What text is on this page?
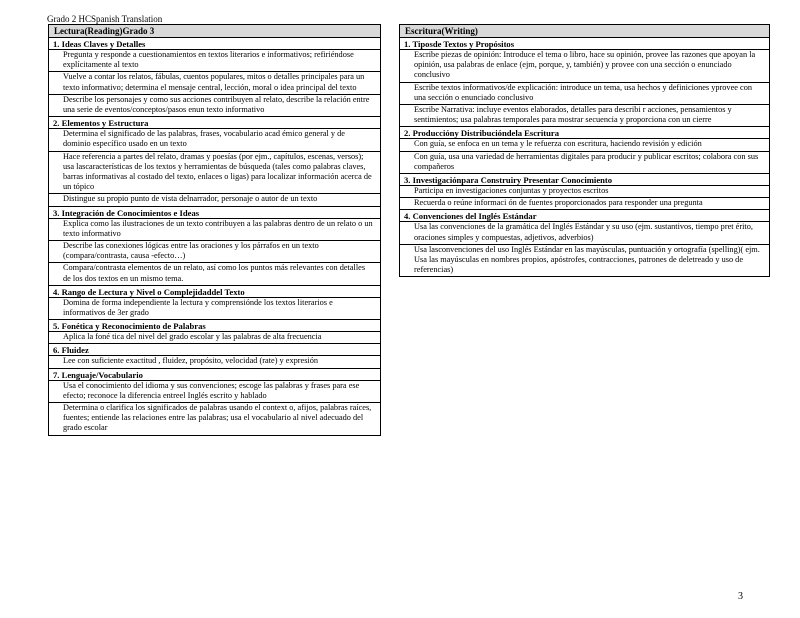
Grado 2 HCSpanish Translation
Lectura(Reading)Grado 3
1. Ideas Claves y Detalles
Pregunta y responde a cuestionamientos en textos literarios e informativos; refiriéndose explícitamente al texto
Vuelve a contar los relatos, fábulas, cuentos populares, mitos o detalles principales para un texto informativo; determina el mensaje central, lección, moral o idea principal del texto
Describe los personajes y como sus acciones contribuyen al relato, describe la relación entre una serie de eventos/conceptos/pasos enun texto informativo
2. Elementos y Estructura
Determina el significado de las palabras, frases, vocabulario acad émico general y de dominio específico usado en un texto
Hace referencia a partes del relato, dramas y poesías (por ejm., capítulos, escenas, versos); usa lascaracterísticas de los textos y herramientas de búsqueda (tales como palabras claves, barras informativas al costado del texto, enlaces o ligas) para localizar información acerca de un tópico
Distingue su propio punto de vista delnarrador, personaje o autor de un texto
3. Integración de Conocimientos e Ideas
Explica como las ilustraciones de un texto contribuyen a las palabras dentro de un relato o un texto informativo
Describe las conexiones lógicas entre las oraciones y los párrafos en un texto (compara/contrasta, causa -efecto…)
Compara/contrasta elementos de un relato, así como los puntos más relevantes con detalles de los dos textos en un mismo tema.
4. Rango de Lectura y Nivel o Complejidaddel Texto
Domina de forma independiente la lectura y comprensiónde los textos literarios e informativos de 3er grado
5. Fonética y Reconocimiento de Palabras
Aplica la foné tica del nivel del grado escolar y las palabras de alta frecuencia
6. Fluidez
Lee con suficiente exactitud , fluidez, propósito, velocidad (rate) y expresión
7. Lenguaje/Vocabulario
Usa el conocimiento del idioma y sus convenciones; escoge las palabras y frases para ese efecto; reconoce la diferencia entreel Inglés escrito y hablado
Determina o clarifica los significados de palabras usando el context o, afijos, palabras raíces, fuentes; entiende las relaciones entre las palabras; usa el vocabulario al nivel adecuado del grado escolar
Escritura(Writing)
1. Tiposde Textos y Propósitos
Escribe piezas de opinión: Introduce el tema o libro, hace su opinión, provee las razones que apoyan la opinión, usa palabras de enlace (ejm, porque, y, también) y provee con una sección o enunciado conclusivo
Escribe textos informativos/de explicación: introduce un tema, usa hechos y definiciones yprovee con una sección o enunciado conclusivo
Escribe Narrativa: incluye eventos elaborados, detalles para describi r acciones, pensamientos y sentimientos; usa palabras temporales para mostrar secuencia y proporciona con un cierre
2. Produccióny Distribucióndela Escritura
Con guía, se enfoca en un tema y le refuerza con escritura, haciendo revisión y edición
Con guía, usa una variedad de herramientas digitales para producir y publicar escritos; colabora con sus compañeros
3. Investigaciónpara Construiry Presentar Conocimiento
Participa en investigaciones conjuntas y proyectos escritos
Recuerda o reúne informaci ón de fuentes proporcionados para responder una pregunta
4. Convenciones del Inglés Estándar
Usa las convenciones de la gramática del Inglés Estándar y su uso (ejm. sustantivos, tiempo pret érito, oraciones simples y compuestas, adjetivos, adverbios)
Usa lasconvenciones del uso Inglés Estándar en las mayúsculas, puntuación y ortografía (spelling)( ejm. Usa las mayúsculas en nombres propios, apóstrofes, contracciones, patrones de deletreado y uso de referencias)
3
